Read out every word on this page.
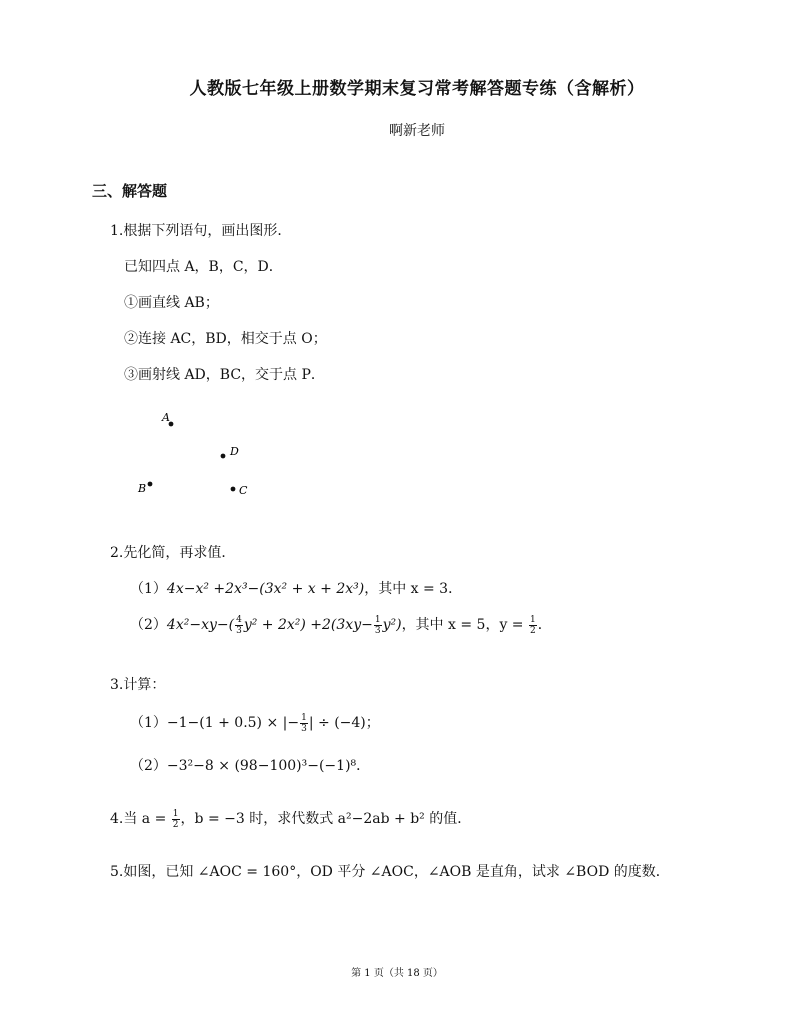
人教版七年级上册数学期末复习常考解答题专练（含解析）
啊新老师
三、解答题
1.根据下列语句，画出图形．
已知四点 A，B，C，D．
①画直线 AB；
②连接 AC，BD，相交于点 O；
③画射线 AD，BC，交于点 P．
A
D
B	C
2.先化简，再求值．
（1）4x−x² +2x³−(3x² + x + 2x³)，其中 x = 3．
$(2)4x^2-xy-( \frac{4}{3} y^2 + 2x^2) +2(3xy- \frac{1}{3} y^2)$，其中 x = 5，$y = \frac{1}{2}$ ．
3.计算：
（1）−1−(1 + 0.5) × |− $\frac{1}{3}$ | ÷ (−4)；
（2）−3²−8 × (98−100)³−(−1)⁸．
4.当 $a = \frac{1}{2}$ ，b = −3 时，求代数式 a²−2ab + b² 的值．
5.如图，已知 ∠AOC = 160°，OD 平分 ∠AOC，∠AOB 是直角，试求 ∠BOD 的度数．
第 1 页（共 18 页）
